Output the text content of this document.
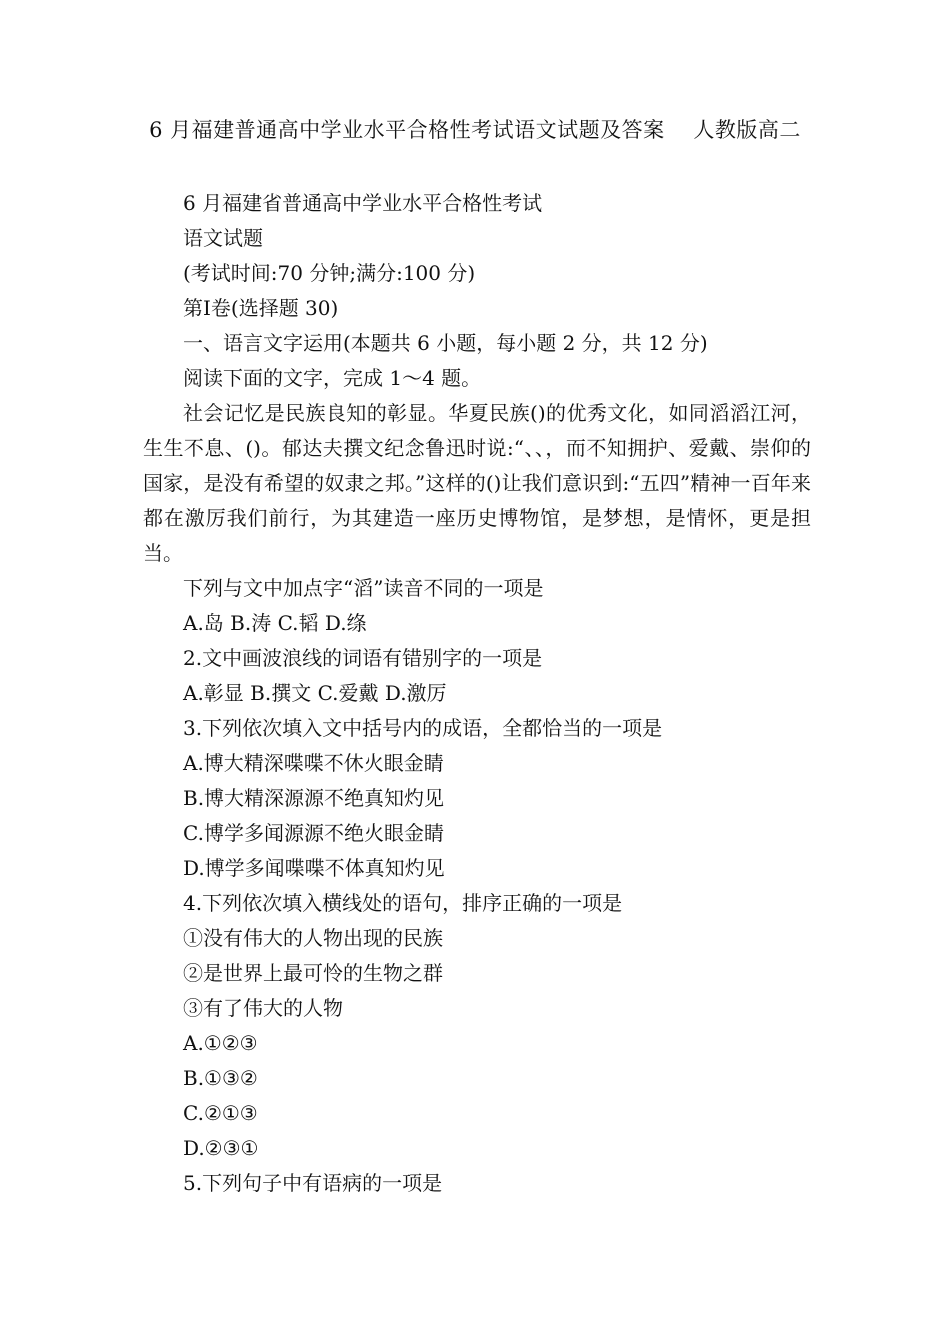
6 月福建普通高中学业水平合格性考试语文试题及答案    人教版高二

6 月福建省普通高中学业水平合格性考试

语文试题

(考试时间:70 分钟;满分:100 分)

第Ⅰ卷(选择题 30)

一、语言文字运用(本题共 6 小题，每小题 2 分，共 12 分)

阅读下面的文字，完成 1～4 题。

社会记忆是民族良知的彰显。华夏民族()的优秀文化，如同滔滔江河，生生不息、()。郁达夫撰文纪念鲁迅时说:“、、，而不知拥护、爱戴、崇仰的国家，是没有希望的奴隶之邦。”这样的()让我们意识到:“五四”精神一百年来都在激厉我们前行，为其建造一座历史博物馆，是梦想，是情怀，更是担当。

下列与文中加点字“滔”读音不同的一项是

A.岛 B.涛 C.韬 D.绦

2.文中画波浪线的词语有错别字的一项是

A.彰显 B.撰文 C.爱戴 D.激厉

3.下列依次填入文中括号内的成语，全都恰当的一项是

A.博大精深喋喋不休火眼金睛

B.博大精深源源不绝真知灼见

C.博学多闻源源不绝火眼金睛

D.博学多闻喋喋不体真知灼见

4.下列依次填入横线处的语句，排序正确的一项是

①没有伟大的人物出现的民族

②是世界上最可怜的生物之群

③有了伟大的人物

A.①②③

B.①③②

C.②①③

D.②③①

5.下列句子中有语病的一项是
